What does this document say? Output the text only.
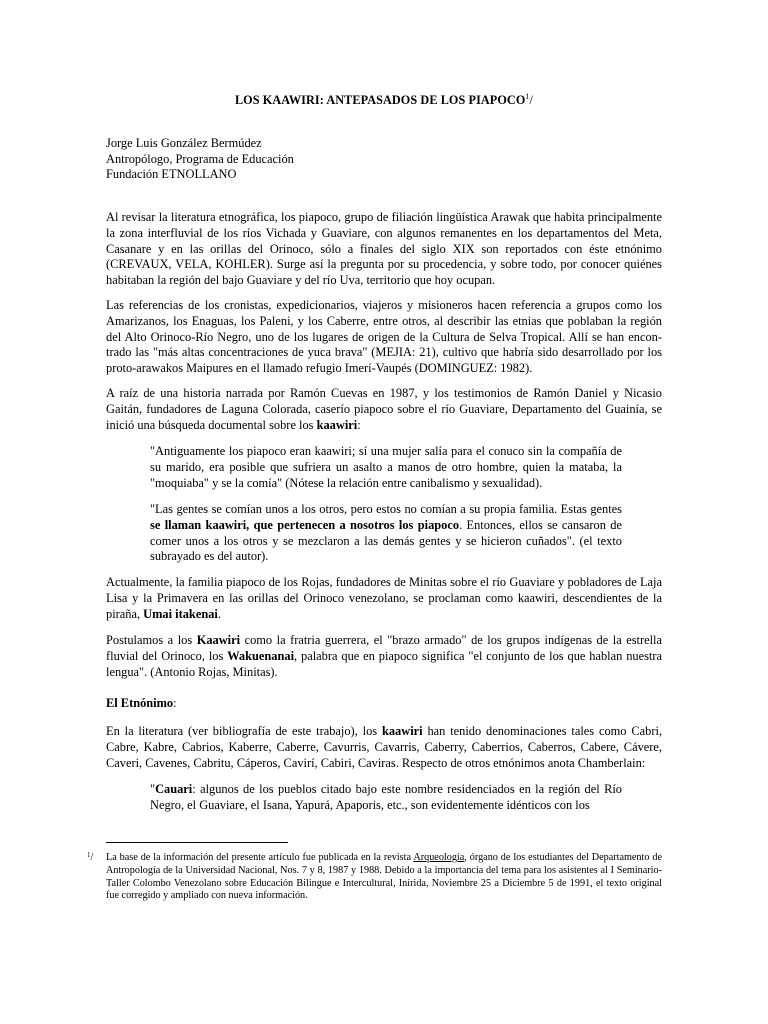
LOS KAAWIRI: ANTEPASADOS DE LOS PIAPOCO$^1$/
Jorge Luis González Bermúdez
Antropólogo, Programa de Educación
Fundación ETNOLLANO

Al revisar la literatura etnográfica, los piapoco, grupo de filiación lingüística Arawak que habita principalmente la zona interfluvial de los ríos Vichada y Guaviare, con algunos remanentes en los departamentos del Meta, Casanare y en las orillas del Orinoco, sólo a finales del siglo XIX son reportados con éste etnónimo (CREVAUX, VELA, KOHLER). Surge así la pregunta por su procedencia, y sobre todo, por conocer quiénes habitaban la región del bajo Guaviare y del río Uva, territorio que hoy ocupan.

Las referencias de los cronistas, expedicionarios, viajeros y misioneros hacen referencia a grupos como los Amarizanos, los Enaguas, los Paleni, y los Caberre, entre otros, al describir las etnias que poblaban la región del Alto Orinoco-Río Negro, uno de los lugares de origen de la Cultura de Selva Tropical. Allí se han encon-trado las "más altas concentraciones de yuca brava" (MEJIA: 21), cultivo que habría sido desarrollado por los proto-arawakos Maipures en el llamado refugio Imerí-Vaupés (DOMINGUEZ: 1982).

A raíz de una historia narrada por Ramón Cuevas en 1987, y los testimonios de Ramón Daniel y Nicasio Gaitán, fundadores de Laguna Colorada, caserío piapoco sobre el río Guaviare, Departamento del Guainía, se inició una búsqueda documental sobre los kaawiri:

"Antiguamente los piapoco eran kaawiri; sí una mujer salía para el conuco sin la compañía de su marido, era posible que sufriera un asalto a manos de otro hombre, quien la mataba, la "moquiaba" y se la comía" (Nótese la relación entre canibalismo y sexualidad).

"Las gentes se comían unos a los otros, pero estos no comían a su propia familia. Estas gentes se llaman kaawiri, que pertenecen a nosotros los piapoco. Entonces, ellos se cansaron de comer unos a los otros y se mezclaron a las demás gentes y se hicieron cuñados". (el texto subrayado es del autor).

Actualmente, la familia piapoco de los Rojas, fundadores de Minitas sobre el río Guaviare y pobladores de Laja Lisa y la Primavera en las orillas del Orinoco venezolano, se proclaman como kaawiri, descendientes de la piraña, Umai itakenai.

Postulamos a los Kaawiri como la fratria guerrera, el "brazo armado" de los grupos indígenas de la estrella fluvial del Orinoco, los Wakuenanai, palabra que en piapoco significa "el conjunto de los que hablan nuestra lengua". (Antonio Rojas, Minitas).

El Etnónimo:

En la literatura (ver bibliografía de este trabajo), los kaawiri han tenido denominaciones tales como Cabri, Cabre, Kabre, Cabrios, Kaberre, Caberre, Cavurris, Cavarris, Caberry, Caberrios, Caberros, Cabere, Cávere, Caveri, Cavenes, Cabritu, Cáperos, Cavirí, Cabiri, Caviras. Respecto de otros etnónimos anota Chamberlain:

"Cauari: algunos de los pueblos citado bajo este nombre residenciados en la región del Río Negro, el Guaviare, el Isana, Yapurá, Apaporis, etc., son evidentemente idénticos con los

$^1$/ La base de la información del presente artículo fue publicada en la revista Arqueología, órgano de los estudiantes del Departamento de Antropología de la Universidad Nacional, Nos. 7 y 8, 1987 y 1988. Debido a la importancia del tema para los asistentes al I Seminario-Taller Colombo Venezolano sobre Educación Bilingue e Intercultural, Inírida, Noviembre 25 a Diciembre 5 de 1991, el texto original fue corregido y ampliado con nueva información.
